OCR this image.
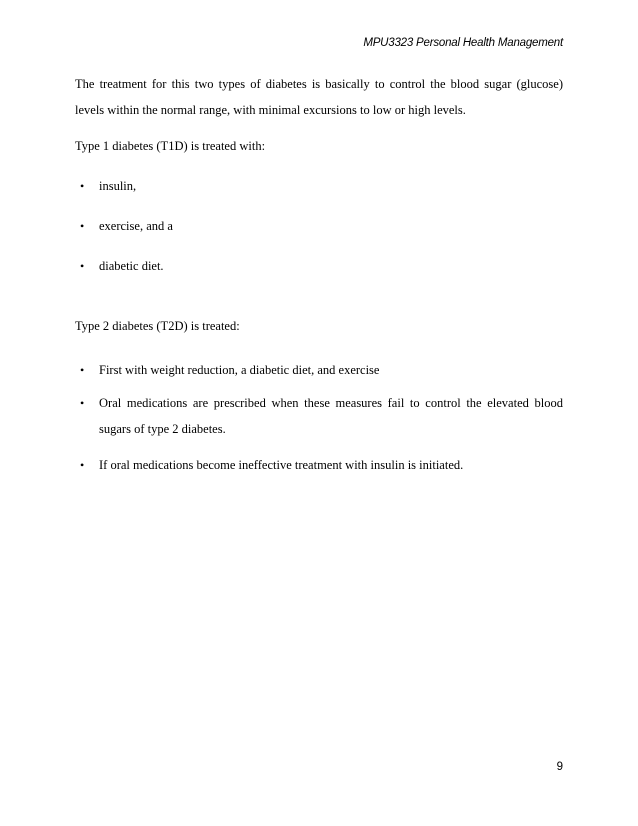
MPU3323 Personal Health Management

The treatment for this two types of diabetes is basically to control the blood sugar (glucose) levels within the normal range, with minimal excursions to low or high levels.

Type 1 diabetes (T1D) is treated with:

• insulin,
• exercise, and a
• diabetic diet.

Type 2 diabetes (T2D) is treated:

• First with weight reduction, a diabetic diet, and exercise
• Oral medications are prescribed when these measures fail to control the elevated blood sugars of type 2 diabetes.
• If oral medications become ineffective treatment with insulin is initiated.
9
